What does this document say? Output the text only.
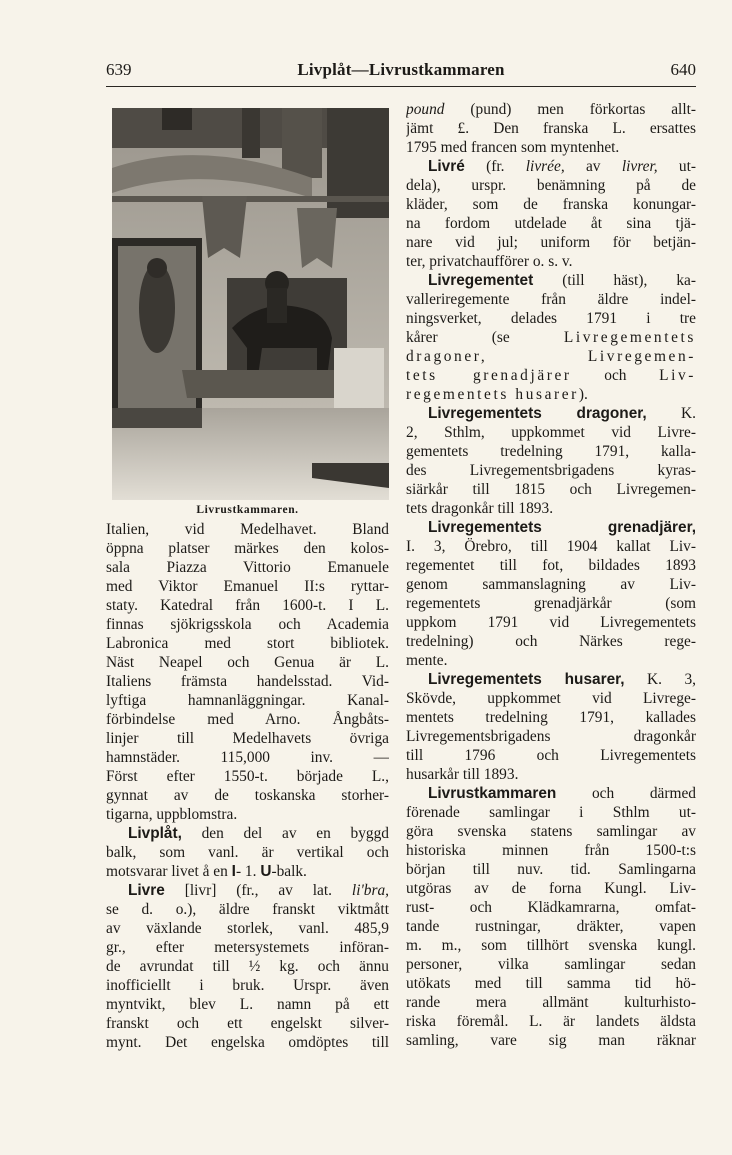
639	Livplåt—Livrustkammaren	640
Livrustkammaren.
Italien, vid Medelhavet. Bland
öppna platser märkes den kolos-
sala Piazza Vittorio Emanuele
med Viktor Emanuel II:s ryttar-
staty. Katedral från 1600-t. I L.
finnas sjökrigsskola och Academia
Labronica med stort bibliotek.
Näst Neapel och Genua är L.
Italiens främsta handelsstad. Vid-
lyftiga hamnanläggningar. Kanal-
förbindelse med Arno. Ångbåts-
linjer till Medelhavets övriga
hamnstäder. 115,000 inv. —
Först efter 1550-t. började L.,
gynnat av de toskanska storher-
tigarna, uppblomstra.
Livplåt, den del av en byggd
balk, som vanl. är vertikal och
motsvarar livet å en I- 1. U-balk.
Livre [livr] (fr., av lat. li'bra,
se d. o.), äldre franskt viktmått
av växlande storlek, vanl. 485,9
gr., efter metersystemets införan-
de avrundat till ½ kg. och ännu
inofficiellt i bruk. Urspr. även
myntvikt, blev L. namn på ett
franskt och ett engelskt silver-
mynt. Det engelska omdöptes till
pound (pund) men förkortas allt-
jämt £. Den franska L. ersattes
1795 med francen som myntenhet.
Livré (fr. livrée, av livrer, ut-
dela), urspr. benämning på de
kläder, som de franska konungar-
na fordom utdelade åt sina tjä-
nare vid jul; uniform för betjän-
ter, privatchaufförer o. s. v.
Livregementet (till häst), ka-
valleriregemente från äldre indel-
ningsverket, delades 1791 i tre
kårer (se Livregementets
dragoner,	Livregemen-
tets grenadjärer och Liv-
regementets husarer).
Livregementets dragoner, K.
2, Sthlm, uppkommet vid Livre-
gementets tredelning 1791, kalla-
des Livregementsbrigadens kyras-
siärkår till 1815 och Livregemen-
tets dragonkår till 1893.
Livregementets grenadjärer,
I. 3, Örebro, till 1904 kallat Liv-
regementet till fot, bildades 1893
genom sammanslagning av Liv-
regementets grenadjärkår (som
uppkom 1791 vid Livregementets
tredelning) och Närkes rege-
mente.
Livregementets husarer, K. 3,
Skövde, uppkommet vid Livrege-
mentets tredelning 1791, kallades
Livregementsbrigadens dragonkår
till 1796 och Livregementets
husarkår till 1893.
Livrustkammaren och därmed
förenade samlingar i Sthlm ut-
göra svenska statens samlingar av
historiska minnen från 1500-t:s
början till nuv. tid. Samlingarna
utgöras av de forna Kungl. Liv-
rust- och Klädkamrarna, omfat-
tande rustningar, dräkter, vapen
m. m., som tillhört svenska kungl.
personer, vilka samlingar sedan
utökats med till samma tid hö-
rande mera allmänt kulturhisto-
riska föremål. L. är landets äldsta
samling, vare sig man räknar
